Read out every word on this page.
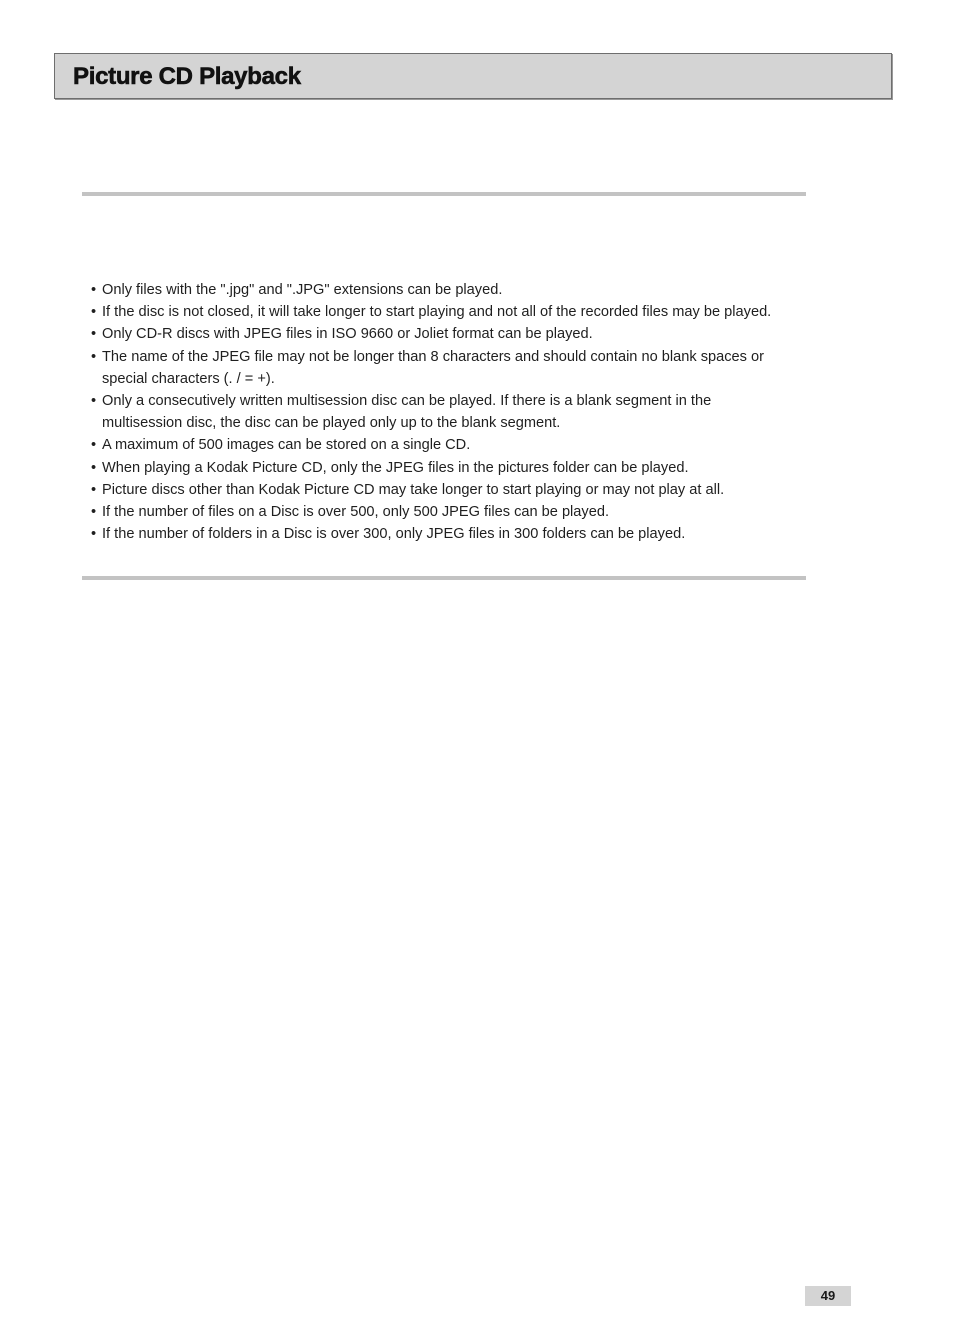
Picture CD Playback
• Only files with the ".jpg" and ".JPG" extensions can be played.
• If the disc is not closed, it will take longer to start playing and not all of the recorded files may be played.
• Only CD-R discs with JPEG files in ISO 9660 or Joliet format can be played.
• The name of the JPEG file may not be longer than 8 characters and should contain no blank spaces or
special characters (. / = +).
• Only a consecutively written multisession disc can be played. If there is a blank segment in the
multisession disc, the disc can be played only up to the blank segment.
• A maximum of 500 images can be stored on a single CD.
• When playing a Kodak Picture CD, only the JPEG files in the pictures folder can be played.
• Picture discs other than Kodak Picture CD may take longer to start playing or may not play at all.
• If the number of files on a Disc is over 500, only 500 JPEG files can be played.
• If the number of folders in a Disc is over 300, only JPEG files in 300 folders can be played.
49
